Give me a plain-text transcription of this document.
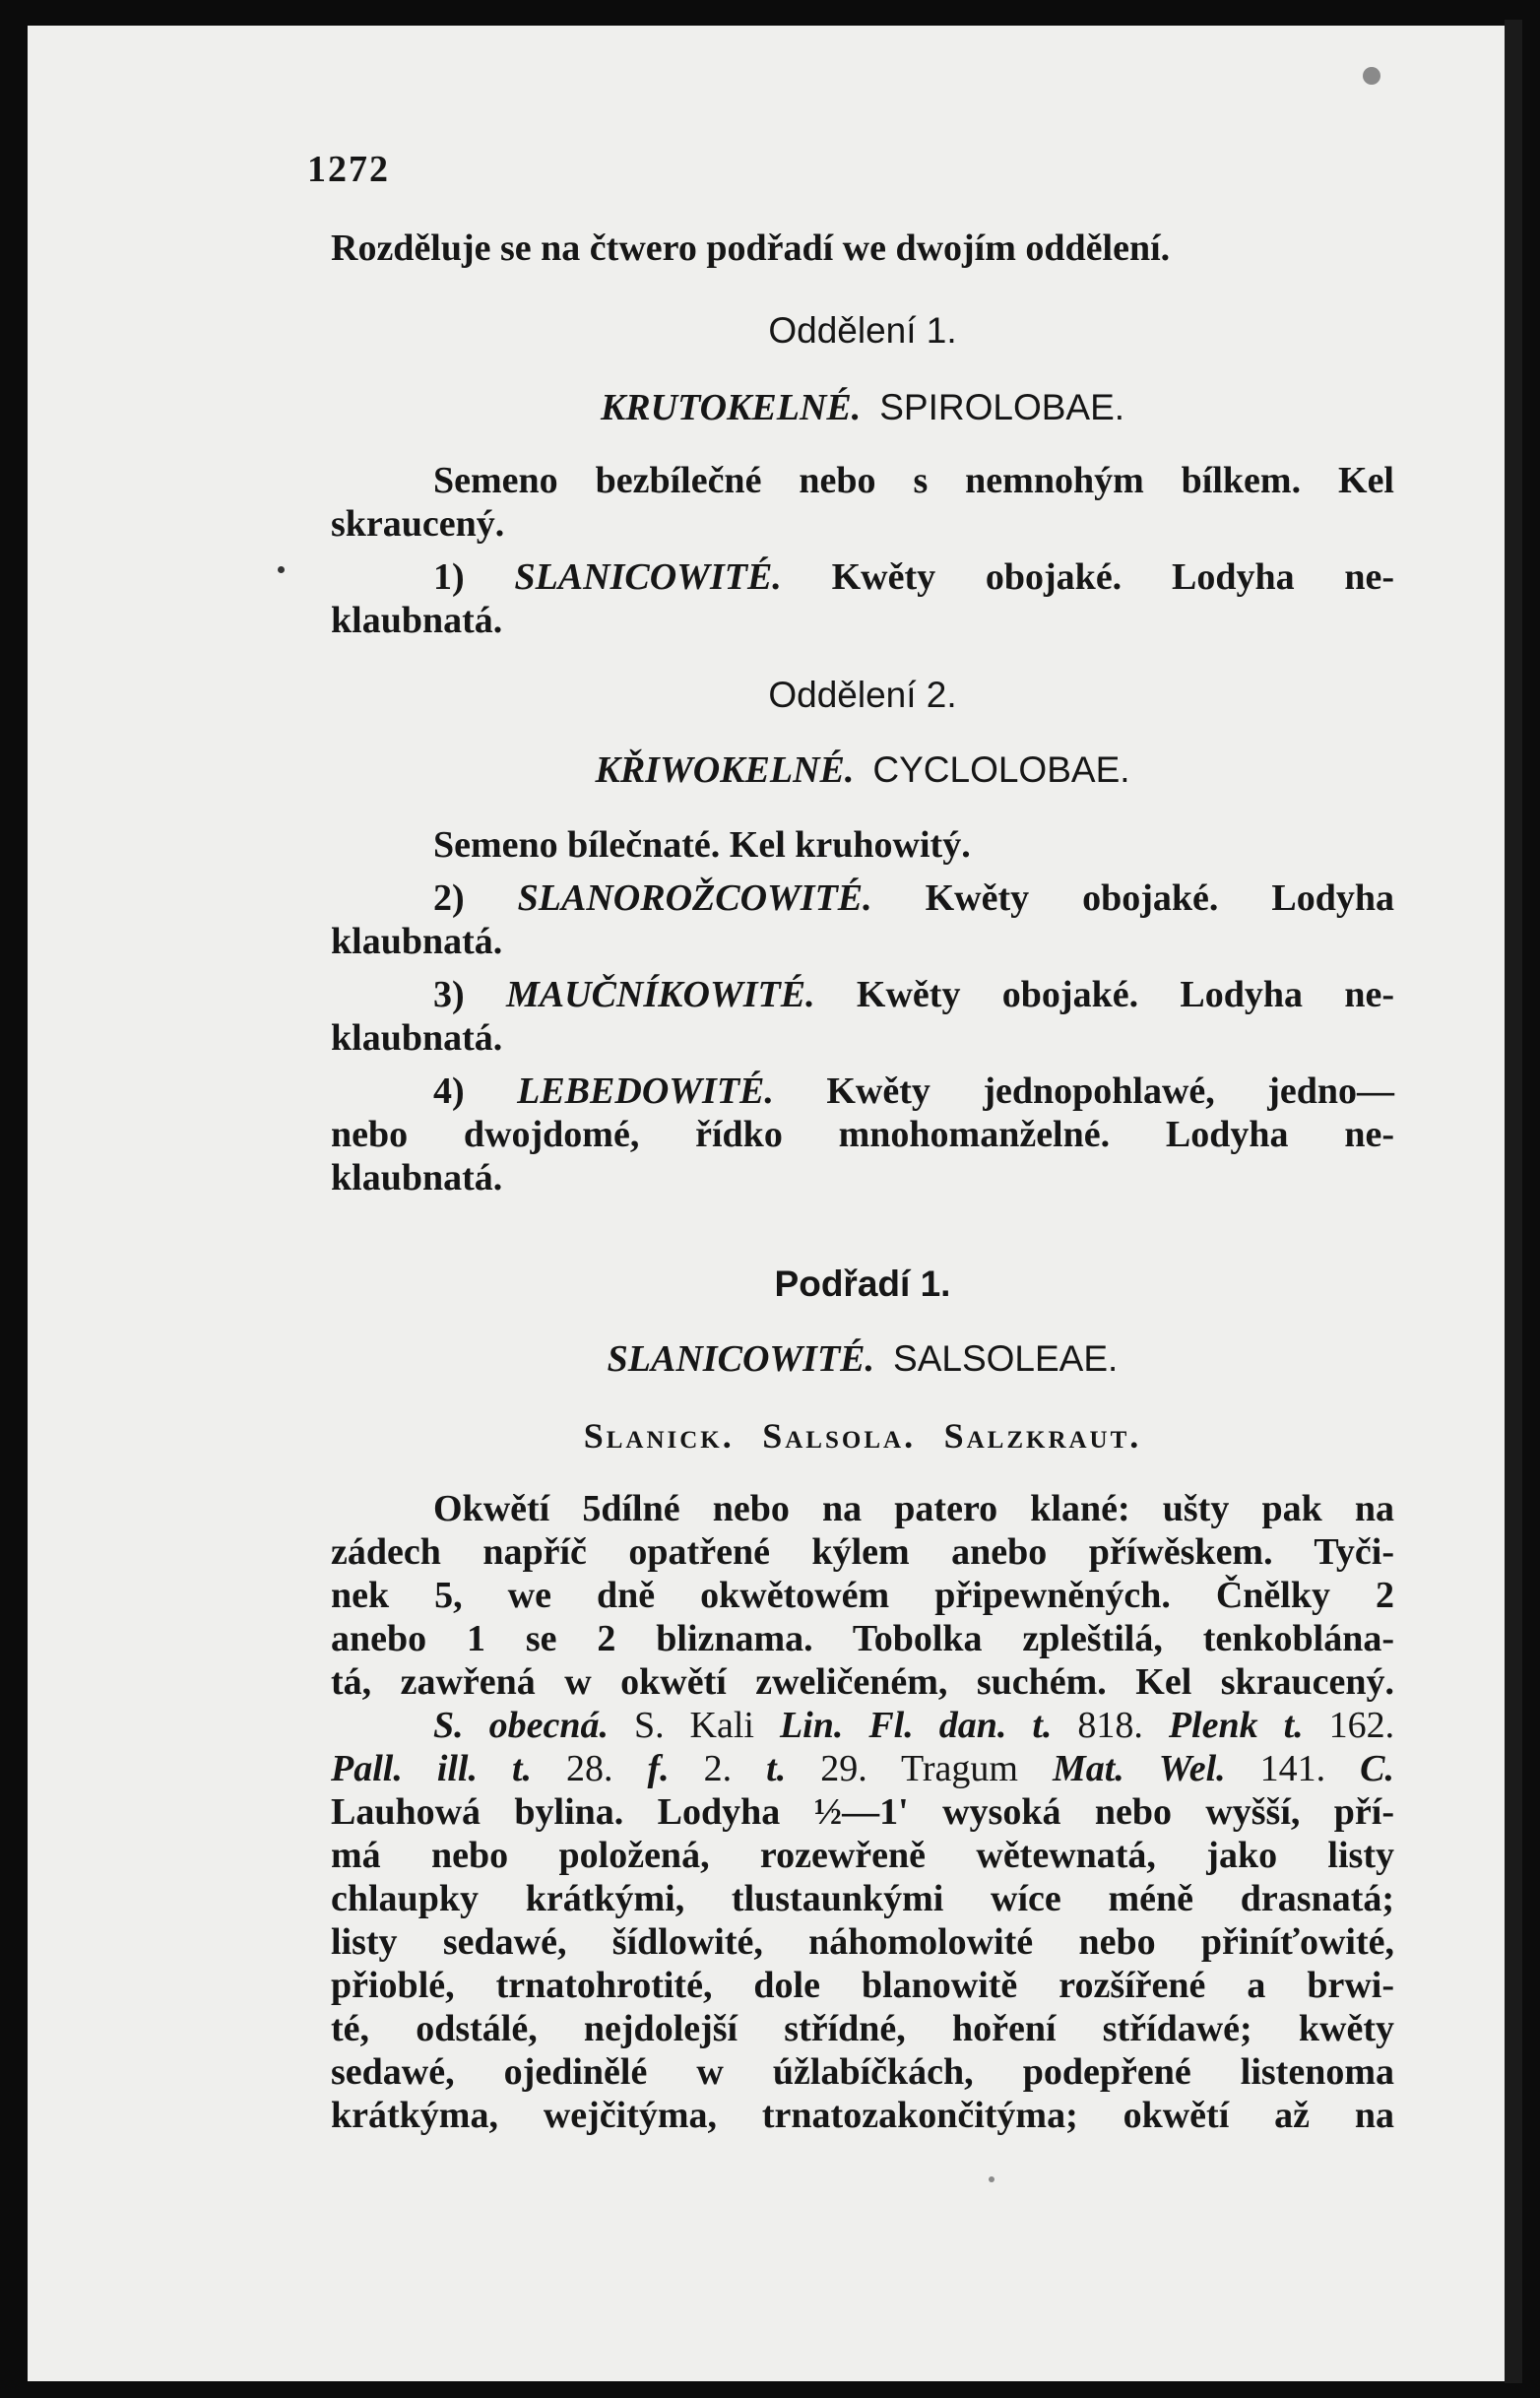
1272
Rozděluje se na čtwero podřadí we dwojím oddělení.
Oddělení 1.
KRUTOKELNÉ. SPIROLOBAE.
Semeno bezbílečné nebo s nemnohým bílkem. Kel
skraucený.
1) SLANICOWITÉ. Kwěty obojaké. Lodyha ne-
klaubnatá.
Oddělení 2.
KŘIWOKELNÉ. CYCLOLOBAE.
Semeno bílečnaté. Kel kruhowitý.
2) SLANOROŽCOWITÉ. Kwěty obojaké. Lodyha
klaubnatá.
3) MAUČNÍKOWITÉ. Kwěty obojaké. Lodyha ne-
klaubnatá.
4) LEBEDOWITÉ. Kwěty jednopohlawé, jedno—
nebo dwojdomé, řídko mnohomanželné. Lodyha ne-
klaubnatá.
Podřadí 1.
SLANICOWITÉ. SALSOLEAE.
Slanick. Salsola. Salzkraut.
Okwětí 5dílné nebo na patero klané: ušty pak na
zádech napříč opatřené kýlem anebo příwěskem. Tyči-
nek 5, we dně okwětowém připewněných. Čnělky 2
anebo 1 se 2 bliznama. Tobolka zpleštilá, tenkoblána-
tá, zawřená w okwětí zweličeném, suchém. Kel skraucený.
S. obecná. S. Kali Lin. Fl. dan. t. 818. Plenk t. 162.
Pall. ill. t. 28. f. 2. t. 29. Tragum Mat. Wel. 141. C.
Lauhowá bylina. Lodyha ½—1' wysoká nebo wyšší, pří-
má nebo položená, rozewřeně wětewnatá, jako listy
chlaupky krátkými, tlustaunkými wíce méně drasnatá;
listy sedawé, šídlowité, náhomolowité nebo přiníťowité,
přioblé, trnatohrotité, dole blanowitě rozšířené a brwi-
té, odstálé, nejdolejší střídné, hoření střídawé; kwěty
sedawé, ojedinělé w úžlabíčkách, podepřené listenoma
krátkýma, wejčitýma, trnatozakončitýma; okwětí až na
